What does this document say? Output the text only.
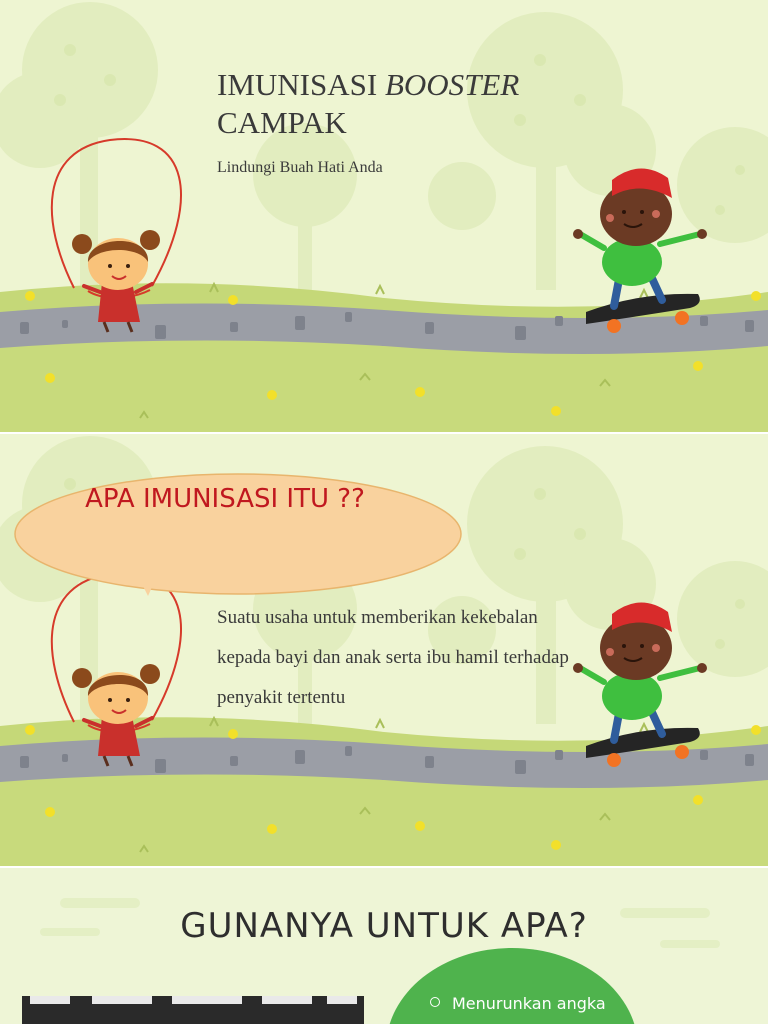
IMUNISASI BOOSTER
CAMPAK

Lindungi Buah Hati Anda

APA IMUNISASI ITU ??

Suatu usaha untuk memberikan kekebalan kepada bayi dan anak serta ibu hamil terhadap penyakit tertentu

GUNANYA UNTUK APA?

Menurunkan angka
